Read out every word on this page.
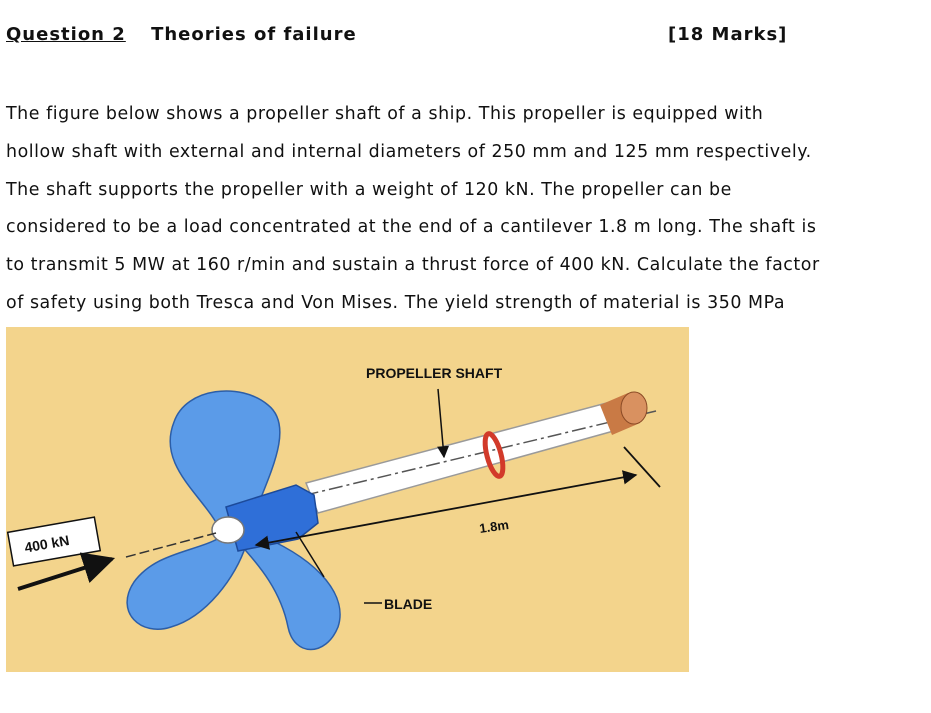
Question 2 Theories of failure	[18 Marks]
The figure below shows a propeller shaft of a ship. This propeller is equipped with
hollow shaft with external and internal diameters of 250 mm and 125 mm respectively.
The shaft supports the propeller with a weight of 120 kN. The propeller can be
considered to be a load concentrated at the end of a cantilever 1.8 m long. The shaft is
to transmit 5 MW at 160 r/min and sustain a thrust force of 400 kN. Calculate the factor
of safety using both Tresca and Von Mises. The yield strength of material is 350 MPa
1.8m
PROPELLER SHAFT
BLADE
400 kN
